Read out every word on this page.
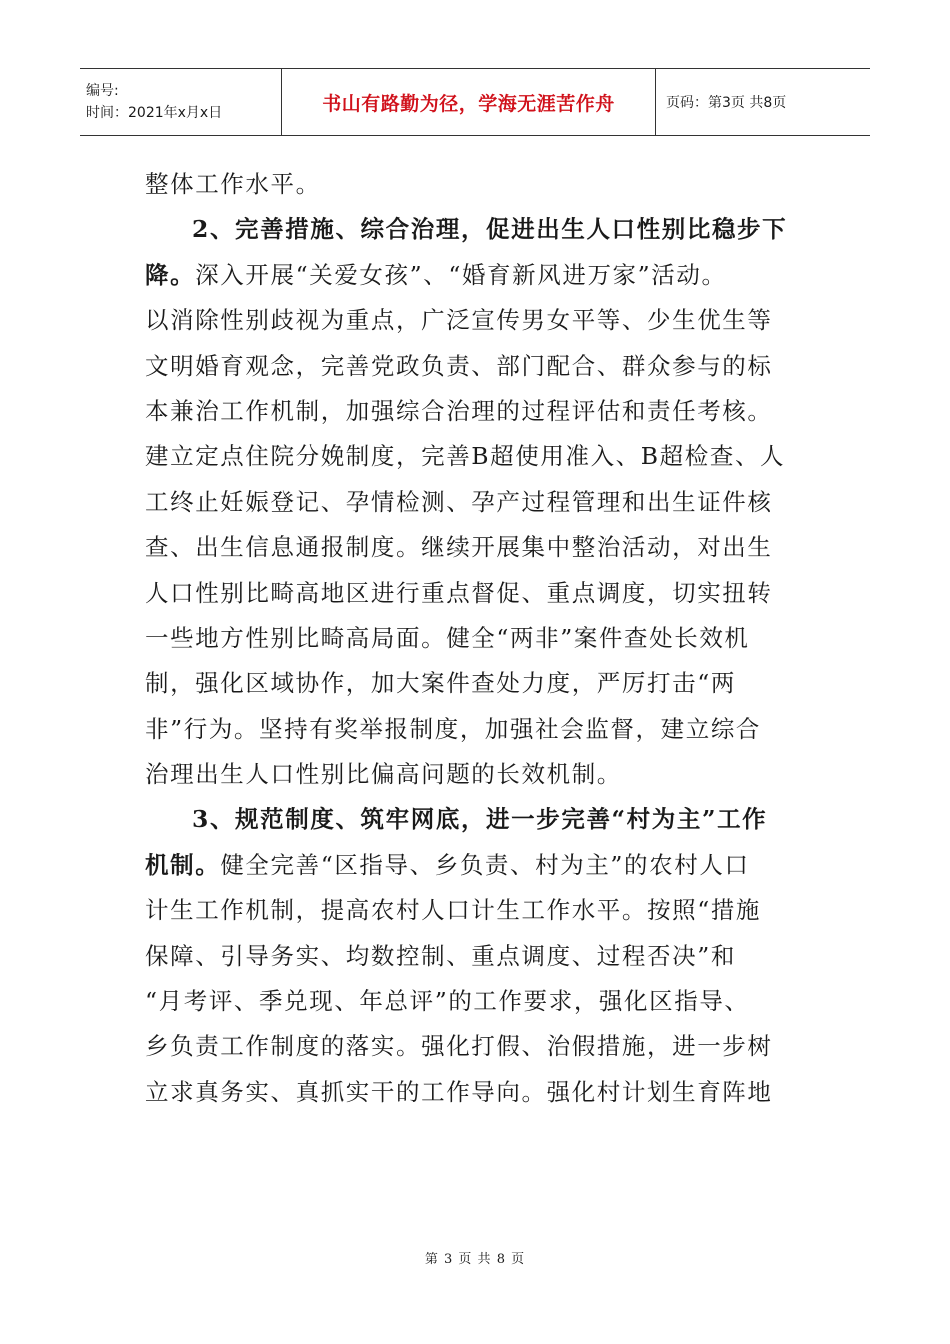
编号:
时间：2021年x月x日	书山有路勤为径，学海无涯苦作舟	页码：第3页 共8页
整体工作水平。
2、完善措施、综合治理，促进出生人口性别比稳步下
降。深入开展“关爱女孩”、“婚育新风进万家”活动。
以消除性别歧视为重点，广泛宣传男女平等、少生优生等
文明婚育观念，完善党政负责、部门配合、群众参与的标
本兼治工作机制，加强综合治理的过程评估和责任考核。
建立定点住院分娩制度，完善B超使用准入、B超检查、人
工终止妊娠登记、孕情检测、孕产过程管理和出生证件核
查、出生信息通报制度。继续开展集中整治活动，对出生
人口性别比畸高地区进行重点督促、重点调度，切实扭转
一些地方性别比畸高局面。健全“两非”案件查处长效机
制，强化区域协作，加大案件查处力度，严厉打击“两
非”行为。坚持有奖举报制度，加强社会监督，建立综合
治理出生人口性别比偏高问题的长效机制。
3、规范制度、筑牢网底，进一步完善“村为主”工作
机制。健全完善“区指导、乡负责、村为主”的农村人口
计生工作机制，提高农村人口计生工作水平。按照“措施
保障、引导务实、均数控制、重点调度、过程否决”和
“月考评、季兑现、年总评”的工作要求，强化区指导、
乡负责工作制度的落实。强化打假、治假措施，进一步树
立求真务实、真抓实干的工作导向。强化村计划生育阵地
第 3 页 共 8 页
